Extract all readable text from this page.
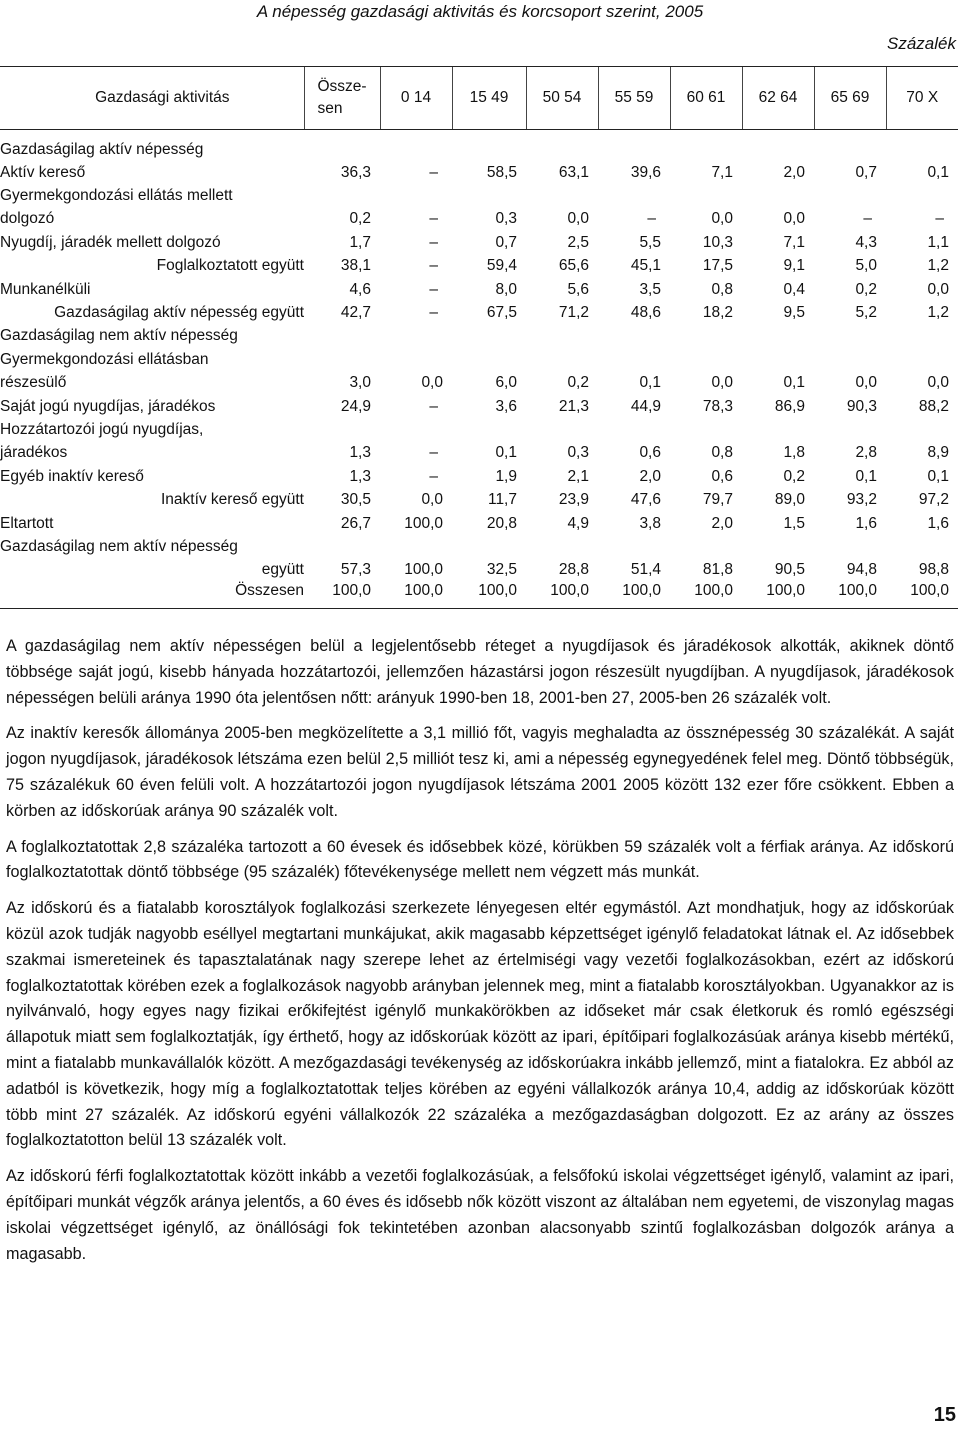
A népesség gazdasági aktivitás és korcsoport szerint, 2005
Százalék
Gazdasági aktivitás	Össze-
sen	0 14	15 49	50 54	55 59	60 61	62 64	65 69	70 X
Gazdaságilag aktív népesség									
Aktív kereső	36,3	–	58,5	63,1	39,6	7,1	2,0	0,7	0,1
Gyermekgondozási ellátás mellett									
dolgozó	0,2	–	0,3	0,0	–	0,0	0,0	–	–
Nyugdíj, járadék mellett dolgozó	1,7	–	0,7	2,5	5,5	10,3	7,1	4,3	1,1
Foglalkoztatott együtt	38,1	–	59,4	65,6	45,1	17,5	9,1	5,0	1,2
Munkanélküli	4,6	–	8,0	5,6	3,5	0,8	0,4	0,2	0,0
Gazdaságilag aktív népesség együtt	42,7	–	67,5	71,2	48,6	18,2	9,5	5,2	1,2
Gazdaságilag nem aktív népesség									
Gyermekgondozási ellátásban									
részesülő	3,0	0,0	6,0	0,2	0,1	0,0	0,1	0,0	0,0
Saját jogú nyugdíjas, járadékos	24,9	–	3,6	21,3	44,9	78,3	86,9	90,3	88,2
Hozzátartozói jogú nyugdíjas,									
járadékos	1,3	–	0,1	0,3	0,6	0,8	1,8	2,8	8,9
Egyéb inaktív kereső	1,3	–	1,9	2,1	2,0	0,6	0,2	0,1	0,1
Inaktív kereső együtt	30,5	0,0	11,7	23,9	47,6	79,7	89,0	93,2	97,2
Eltartott	26,7	100,0	20,8	4,9	3,8	2,0	1,5	1,6	1,6
Gazdaságilag nem aktív népesség									
együtt	57,3	100,0	32,5	28,8	51,4	81,8	90,5	94,8	98,8
Összesen	100,0	100,0	100,0	100,0	100,0	100,0	100,0	100,0	100,0

A gazdaságilag nem aktív népességen belül a legjelentősebb réteget a nyugdíjasok és járadékosok alkották, akiknek döntő többsége saját jogú, kisebb hányada hozzátartozói, jellemzően házastársi jogon részesült nyugdíjban. A nyugdíjasok, járadékosok népességen belüli aránya 1990 óta jelentősen nőtt: arányuk 1990-ben 18, 2001-ben 27, 2005-ben 26 százalék volt.

Az inaktív keresők állománya 2005-ben megközelítette a 3,1 millió főt, vagyis meghaladta az össznépesség 30 százalékát. A saját jogon nyugdíjasok, járadékosok létszáma ezen belül 2,5 milliót tesz ki, ami a népesség egynegyedének felel meg. Döntő többségük, 75 százalékuk 60 éven felüli volt. A hozzátartozói jogon nyugdíjasok létszáma 2001 2005 között 132 ezer főre csökkent. Ebben a körben az időskorúak aránya 90 százalék volt.

A foglalkoztatottak 2,8 százaléka tartozott a 60 évesek és idősebbek közé, körükben 59 százalék volt a férfiak aránya. Az időskorú foglalkoztatottak döntő többsége (95 százalék) főtevékenysége mellett nem végzett más munkát.

Az időskorú és a fiatalabb korosztályok foglalkozási szerkezete lényegesen eltér egymástól. Azt mondhatjuk, hogy az időskorúak közül azok tudják nagyobb eséllyel megtartani munkájukat, akik magasabb képzettséget igénylő feladatokat látnak el. Az idősebbek szakmai ismereteinek és tapasztalatának nagy szerepe lehet az értelmiségi vagy vezetői foglalkozásokban, ezért az időskorú foglalkoztatottak körében ezek a foglalkozások nagyobb arányban jelennek meg, mint a fiatalabb korosztályokban. Ugyanakkor az is nyilvánvaló, hogy egyes nagy fizikai erőkifejtést igénylő munkakörökben az időseket már csak életkoruk és romló egészségi állapotuk miatt sem foglalkoztatják, így érthető, hogy az időskorúak között az ipari, építőipari foglalkozásúak aránya kisebb mértékű, mint a fiatalabb munkavállalók között. A mezőgazdasági tevékenység az időskorúakra inkább jellemző, mint a fiatalokra. Ez abból az adatból is következik, hogy míg a foglalkoztatottak teljes körében az egyéni vállalkozók aránya 10,4, addig az időskorúak között több mint 27 százalék. Az időskorú egyéni vállalkozók 22 százaléka a mezőgazdaságban dolgozott. Ez az arány az összes foglalkoztatotton belül 13 százalék volt.

Az időskorú férfi foglalkoztatottak között inkább a vezetői foglalkozásúak, a felsőfokú iskolai végzettséget igénylő, valamint az ipari, építőipari munkát végzők aránya jelentős, a 60 éves és idősebb nők között viszont az általában nem egyetemi, de viszonylag magas iskolai végzettséget igénylő, az önállósági fok tekintetében azonban alacsonyabb szintű foglalkozásban dolgozók aránya a magasabb.

15
